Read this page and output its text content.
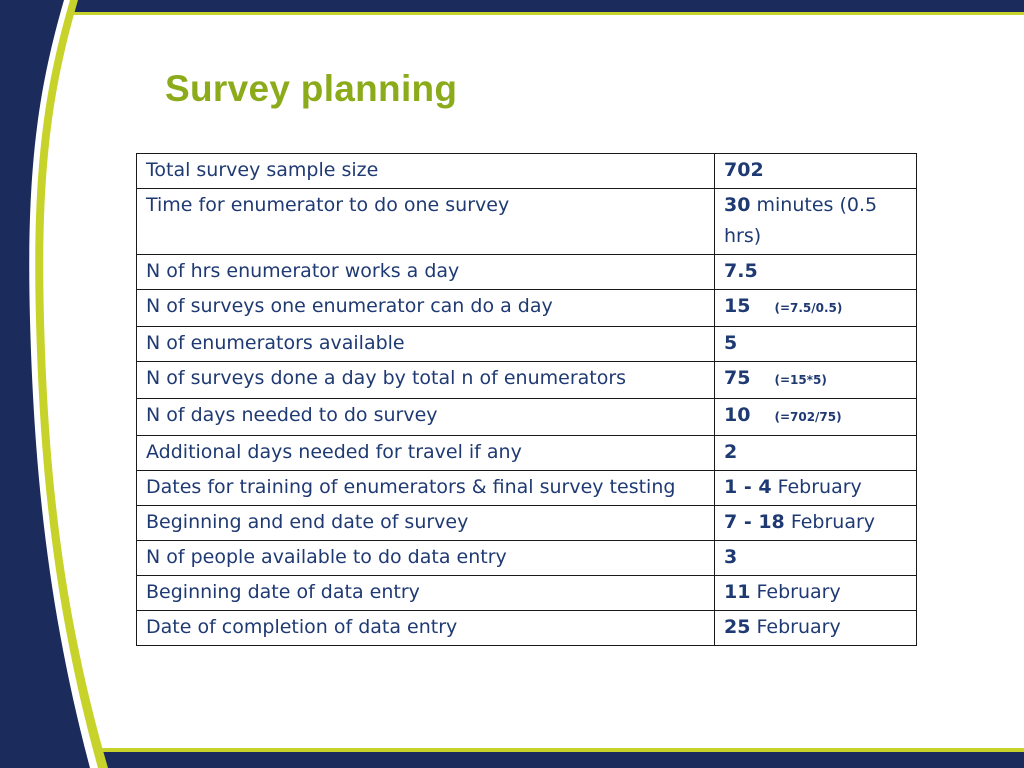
Survey planning
Total survey sample size	702
Time for enumerator to do one survey	30 minutes (0.5 hrs)
N of hrs enumerator works a day	7.5
N of surveys one enumerator can do a day	15 (=7.5/0.5)
N of enumerators available	5
N of surveys done a day by total n of enumerators	75 (=15*5)
N of days needed to do survey	10 (=702/75)
Additional days needed for travel if any	2
Dates for training of enumerators & final survey testing	1 - 4 February
Beginning and end date of survey	7 - 18 February
N of people available to do data entry	3
Beginning date of data entry	11 February
Date of completion of data entry	25 February
